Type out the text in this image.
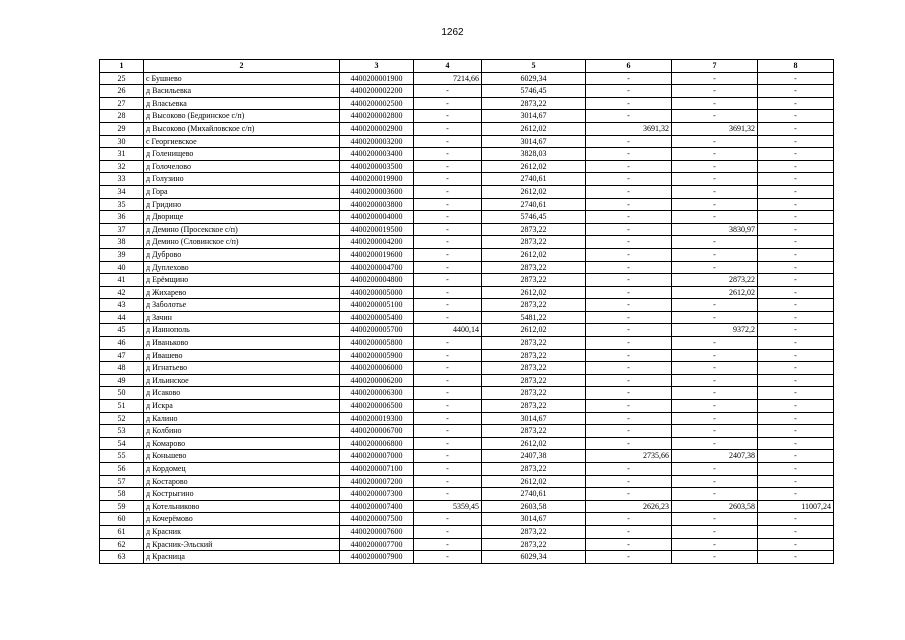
1262
1	2	3	4	5	6	7	8
25	с Бушнево	4400200001900	7214,66	6029,34	-	-	-
26	д Васильевка	4400200002200	-	5746,45	-	-	-
27	д Власьевка	4400200002500	-	2873,22	-	-	-
28	д Высоково (Бедринское с/п)	4400200002800	-	3014,67	-	-	-
29	д Высоково (Михайловское с/п)	4400200002900	-	2612,02	3691,32	3691,32	-
30	с Георгиевское	4400200003200	-	3014,67	-	-	-
31	д Голенищево	4400200003400	-	3828,03	-	-	-
32	д Голочелово	4400200003500	-	2612,02	-	-	-
33	д Голузино	4400200019900	-	2740,61	-	-	-
34	д Гора	4400200003600	-	2612,02	-	-	-
35	д Гридино	4400200003800	-	2740,61	-	-	-
36	д Дворище	4400200004000	-	5746,45	-	-	-
37	д Демино (Просекское с/п)	4400200019500	-	2873,22	-	3830,97	-
38	д Демино (Словинское с/п)	4400200004200	-	2873,22	-	-	-
39	д Дуброво	4400200019600	-	2612,02	-	-	-
40	д Дуплехово	4400200004700	-	2873,22	-	-	-
41	д Ерёмщино	4400200004800	-	2873,22	-	2873,22	-
42	д Жихарево	4400200005000	-	2612,02	-	2612,02	-
43	д Заболотье	4400200005100	-	2873,22	-	-	-
44	д Зачин	4400200005400	-	5481,22	-	-	-
45	д Ианнополь	4400200005700	4400,14	2612,02	-	9372,2	-
46	д Иваньково	4400200005800	-	2873,22	-	-	-
47	д Ивашево	4400200005900	-	2873,22	-	-	-
48	д Игнатьево	4400200006000	-	2873,22	-	-	-
49	д Ильинское	4400200006200	-	2873,22	-	-	-
50	д Исаково	4400200006300	-	2873,22	-	-	-
51	д Искра	4400200006500	-	2873,22	-	-	-
52	д Калино	4400200019300	-	3014,67	-	-	-
53	д Колбино	4400200006700	-	2873,22	-	-	-
54	д Комарово	4400200006800	-	2612,02	-	-	-
55	д Коньшево	4400200007000	-	2407,38	2735,66	2407,38	-
56	д Кордомец	4400200007100	-	2873,22	-	-	-
57	д Костарово	4400200007200	-	2612,02	-	-	-
58	д Кострыгино	4400200007300	-	2740,61	-	-	-
59	д Котельниково	4400200007400	5359,45	2603,58	2626,23	2603,58	11007,24
60	д Кочерёмово	4400200007500	-	3014,67	-	-	-
61	д Красник	4400200007600	-	2873,22	-	-	-
62	д Красник-Эльский	4400200007700	-	2873,22	-	-	-
63	д Красница	4400200007900	-	6029,34	-	-	-
